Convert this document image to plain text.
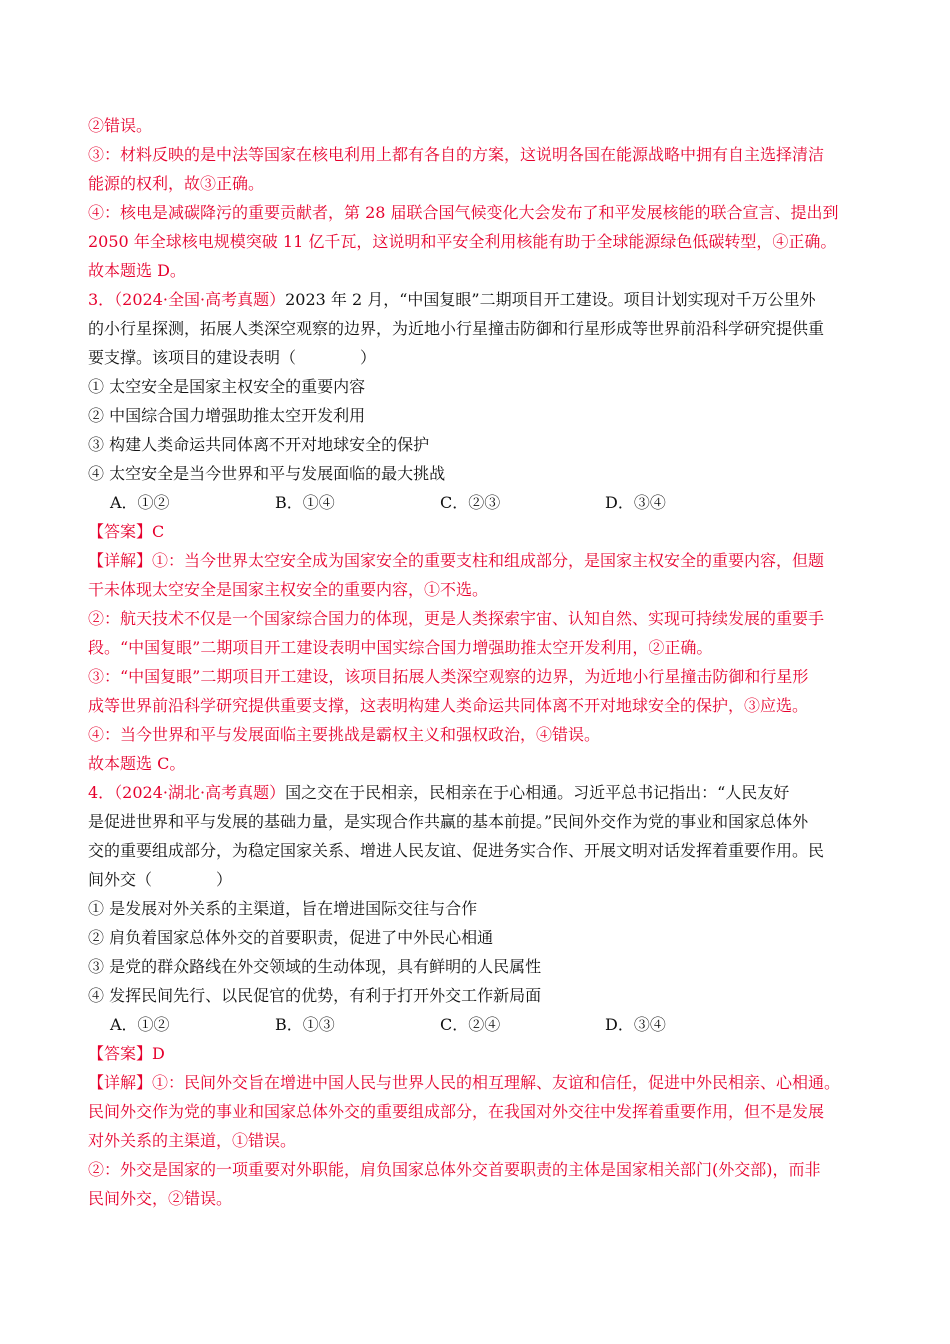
②错误。
③：材料反映的是中法等国家在核电利用上都有各自的方案，这说明各国在能源战略中拥有自主选择清洁
能源的权利，故③正确。
④：核电是减碳降污的重要贡献者，第 28 届联合国气候变化大会发布了和平发展核能的联合宣言、提出到
2050 年全球核电规模突破 11 亿千瓦，这说明和平安全利用核能有助于全球能源绿色低碳转型，④正确。
故本题选 D。
3．（2024·全国·高考真题）2023 年 2 月，“中国复眼”二期项目开工建设。项目计划实现对千万公里外
的小行星探测，拓展人类深空观察的边界，为近地小行星撞击防御和行星形成等世界前沿科学研究提供重
要支撑。该项目的建设表明（　　　　）
① 太空安全是国家主权安全的重要内容
② 中国综合国力增强助推太空开发利用
③ 构建人类命运共同体离不开对地球安全的保护
④ 太空安全是当今世界和平与发展面临的最大挑战
A．①②	B．①④	C．②③	D．③④
【答案】C
【详解】①：当今世界太空安全成为国家安全的重要支柱和组成部分，是国家主权安全的重要内容，但题
干未体现太空安全是国家主权安全的重要内容，①不选。
②：航天技术不仅是一个国家综合国力的体现，更是人类探索宇宙、认知自然、实现可持续发展的重要手
段。“中国复眼”二期项目开工建设表明中国实综合国力增强助推太空开发利用，②正确。
③：“中国复眼”二期项目开工建设，该项目拓展人类深空观察的边界，为近地小行星撞击防御和行星形
成等世界前沿科学研究提供重要支撑，这表明构建人类命运共同体离不开对地球安全的保护，③应选。
④：当今世界和平与发展面临主要挑战是霸权主义和强权政治，④错误。
故本题选 C。
4．（2024·湖北·高考真题）国之交在于民相亲，民相亲在于心相通。习近平总书记指出：“人民友好
是促进世界和平与发展的基础力量，是实现合作共赢的基本前提。”民间外交作为党的事业和国家总体外
交的重要组成部分，为稳定国家关系、增进人民友谊、促进务实合作、开展文明对话发挥着重要作用。民
间外交（　　　　）
① 是发展对外关系的主渠道，旨在增进国际交往与合作
② 肩负着国家总体外交的首要职责，促进了中外民心相通
③ 是党的群众路线在外交领域的生动体现，具有鲜明的人民属性
④ 发挥民间先行、以民促官的优势，有利于打开外交工作新局面
A．①②	B．①③	C．②④	D．③④
【答案】D
【详解】①：民间外交旨在增进中国人民与世界人民的相互理解、友谊和信任，促进中外民相亲、心相通。
民间外交作为党的事业和国家总体外交的重要组成部分，在我国对外交往中发挥着重要作用，但不是发展
对外关系的主渠道，①错误。
②：外交是国家的一项重要对外职能，肩负国家总体外交首要职责的主体是国家相关部门(外交部)，而非
民间外交，②错误。
